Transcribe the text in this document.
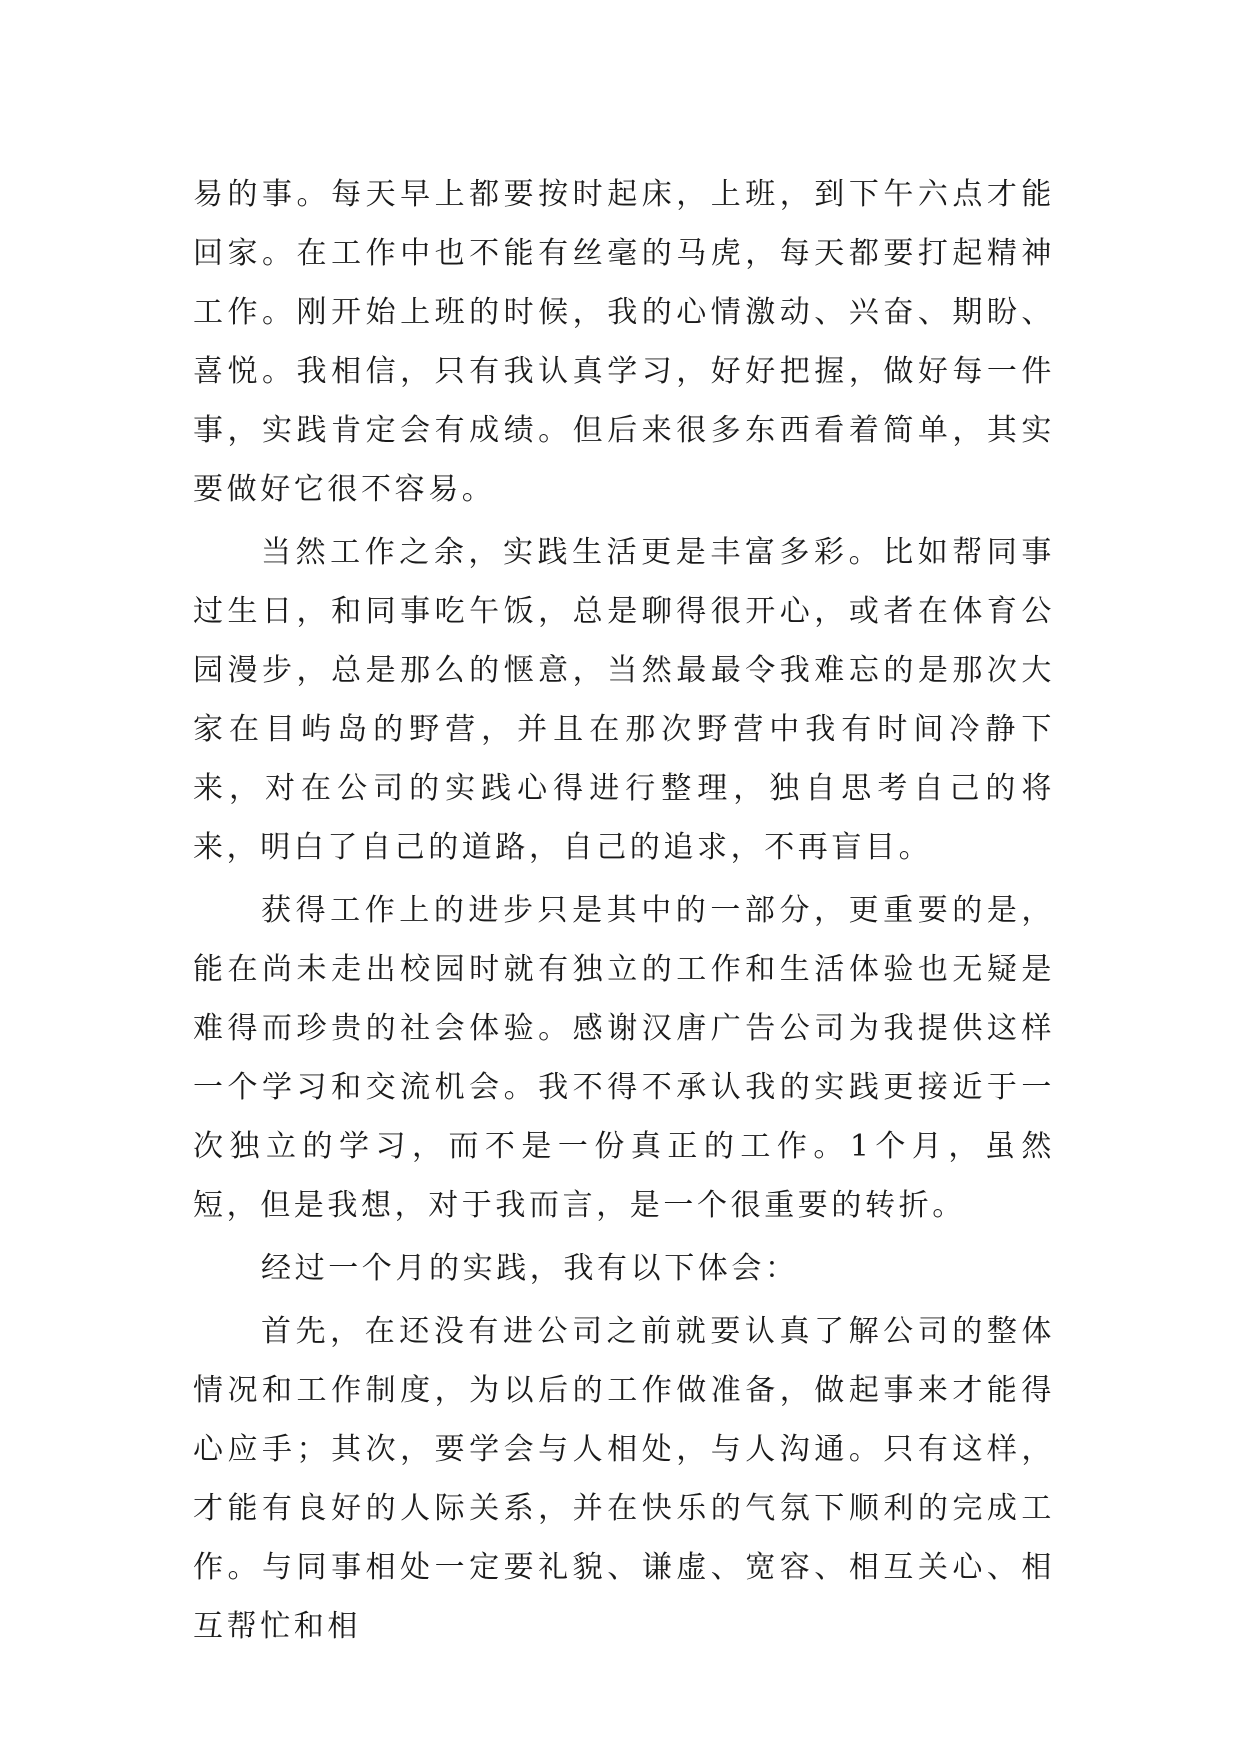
易的事。每天早上都要按时起床，上班，到下午六点才能回家。在工作中也不能有丝毫的马虎，每天都要打起精神工作。刚开始上班的时候，我的心情激动、兴奋、期盼、喜悦。我相信，只有我认真学习，好好把握，做好每一件事，实践肯定会有成绩。但后来很多东西看着简单，其实要做好它很不容易。

当然工作之余，实践生活更是丰富多彩。比如帮同事过生日，和同事吃午饭，总是聊得很开心，或者在体育公园漫步，总是那么的惬意，当然最最令我难忘的是那次大家在目屿岛的野营，并且在那次野营中我有时间冷静下来，对在公司的实践心得进行整理，独自思考自己的将来，明白了自己的道路，自己的追求，不再盲目。

获得工作上的进步只是其中的一部分，更重要的是，能在尚未走出校园时就有独立的工作和生活体验也无疑是难得而珍贵的社会体验。感谢汉唐广告公司为我提供这样一个学习和交流机会。我不得不承认我的实践更接近于一次独立的学习，而不是一份真正的工作。1个月，虽然短，但是我想，对于我而言，是一个很重要的转折。

经过一个月的实践，我有以下体会：

首先，在还没有进公司之前就要认真了解公司的整体情况和工作制度，为以后的工作做准备，做起事来才能得心应手；其次，要学会与人相处，与人沟通。只有这样，才能有良好的人际关系，并在快乐的气氛下顺利的完成工作。与同事相处一定要礼貌、谦虚、宽容、相互关心、相互帮忙和相
